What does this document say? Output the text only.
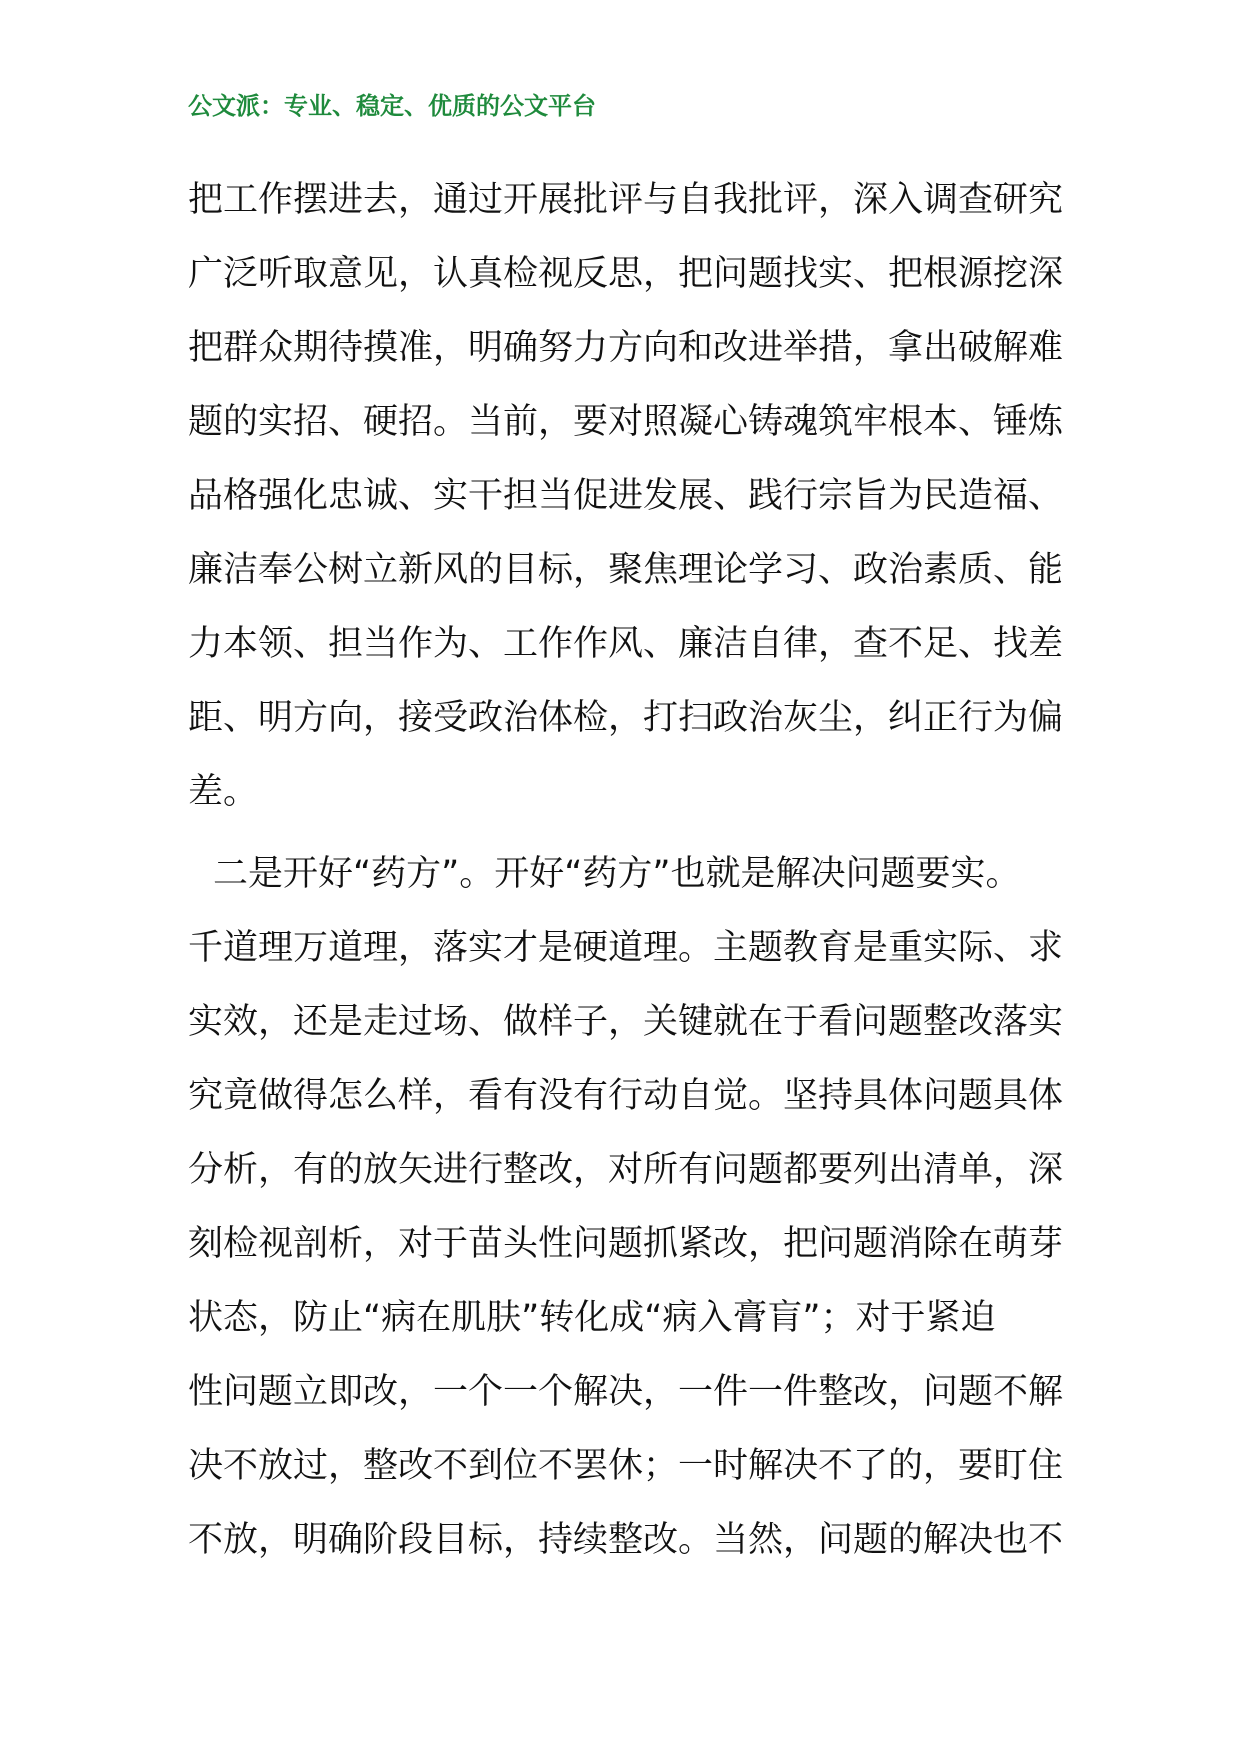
公文派：专业、稳定、优质的公文平台
把工作摆进去，通过开展批评与自我批评，深入调查研究
广泛听取意见，认真检视反思，把问题找实、把根源挖深
把群众期待摸准，明确努力方向和改进举措，拿出破解难
题的实招、硬招。当前，要对照凝心铸魂筑牢根本、锤炼
品格强化忠诚、实干担当促进发展、践行宗旨为民造福、
廉洁奉公树立新风的目标，聚焦理论学习、政治素质、能
力本领、担当作为、工作作风、廉洁自律，查不足、找差
距、明方向，接受政治体检，打扫政治灰尘，纠正行为偏
差。
二是开好“药方”。开好“药方”也就是解决问题要实。
千道理万道理，落实才是硬道理。主题教育是重实际、求
实效，还是走过场、做样子，关键就在于看问题整改落实
究竟做得怎么样，看有没有行动自觉。坚持具体问题具体
分析，有的放矢进行整改，对所有问题都要列出清单，深
刻检视剖析，对于苗头性问题抓紧改，把问题消除在萌芽
状态，防止“病在肌肤”转化成“病入膏肓”；对于紧迫
性问题立即改，一个一个解决，一件一件整改，问题不解
决不放过，整改不到位不罢休；一时解决不了的，要盯住
不放，明确阶段目标，持续整改。当然，问题的解决也不
